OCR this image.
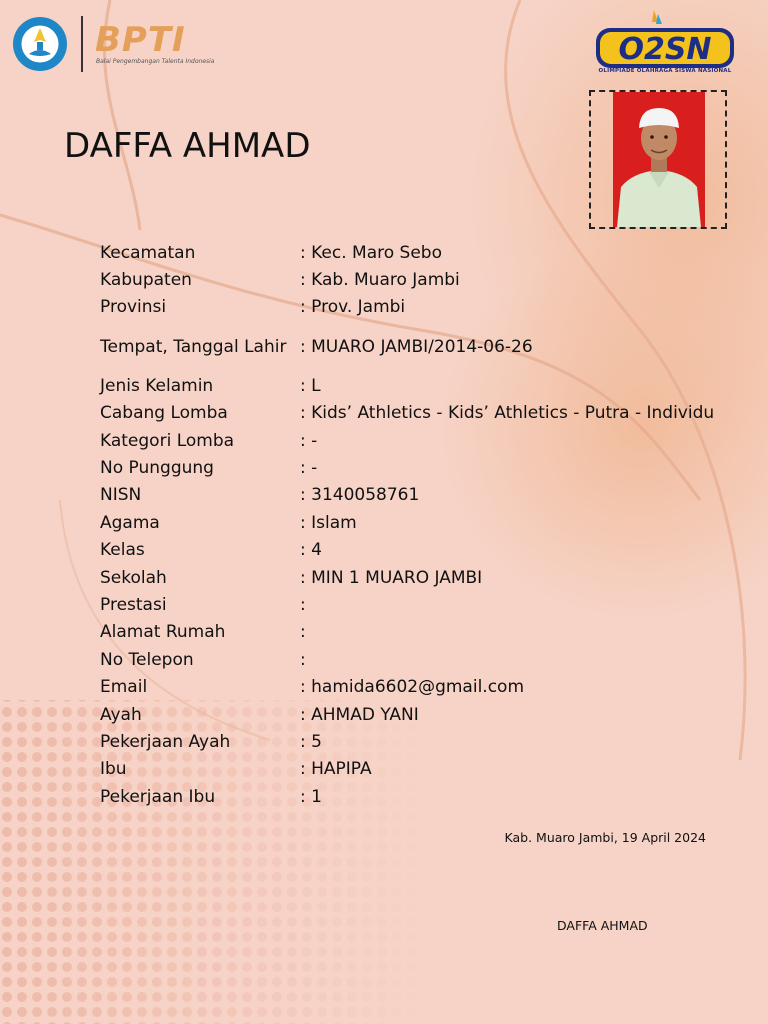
BPTI
Balai Pengembangan Talenta Indonesia	O2SN
OLIMPIADE OLAHRAGA SISWA NASIONAL
DAFFA AHMAD
Kecamatan	: Kec. Maro Sebo
Kabupaten	: Kab. Muaro Jambi
Provinsi	: Prov. Jambi
Tempat, Tanggal Lahir : MUARO JAMBI/2014-06-26
Jenis Kelamin	: L
Cabang Lomba	: Kids’ Athletics - Kids’ Athletics - Putra - Individu
Kategori Lomba	: -
No Punggung	: -
NISN	: 3140058761
Agama	: Islam
Kelas	: 4
Sekolah	: MIN 1 MUARO JAMBI
Prestasi	:
Alamat Rumah	:
No Telepon	:
Email	: hamida6602@gmail.com
Ayah	: AHMAD YANI
Pekerjaan Ayah	: 5
Ibu	: HAPIPA
Pekerjaan Ibu	: 1
Kab. Muaro Jambi, 19 April 2024
DAFFA AHMAD
